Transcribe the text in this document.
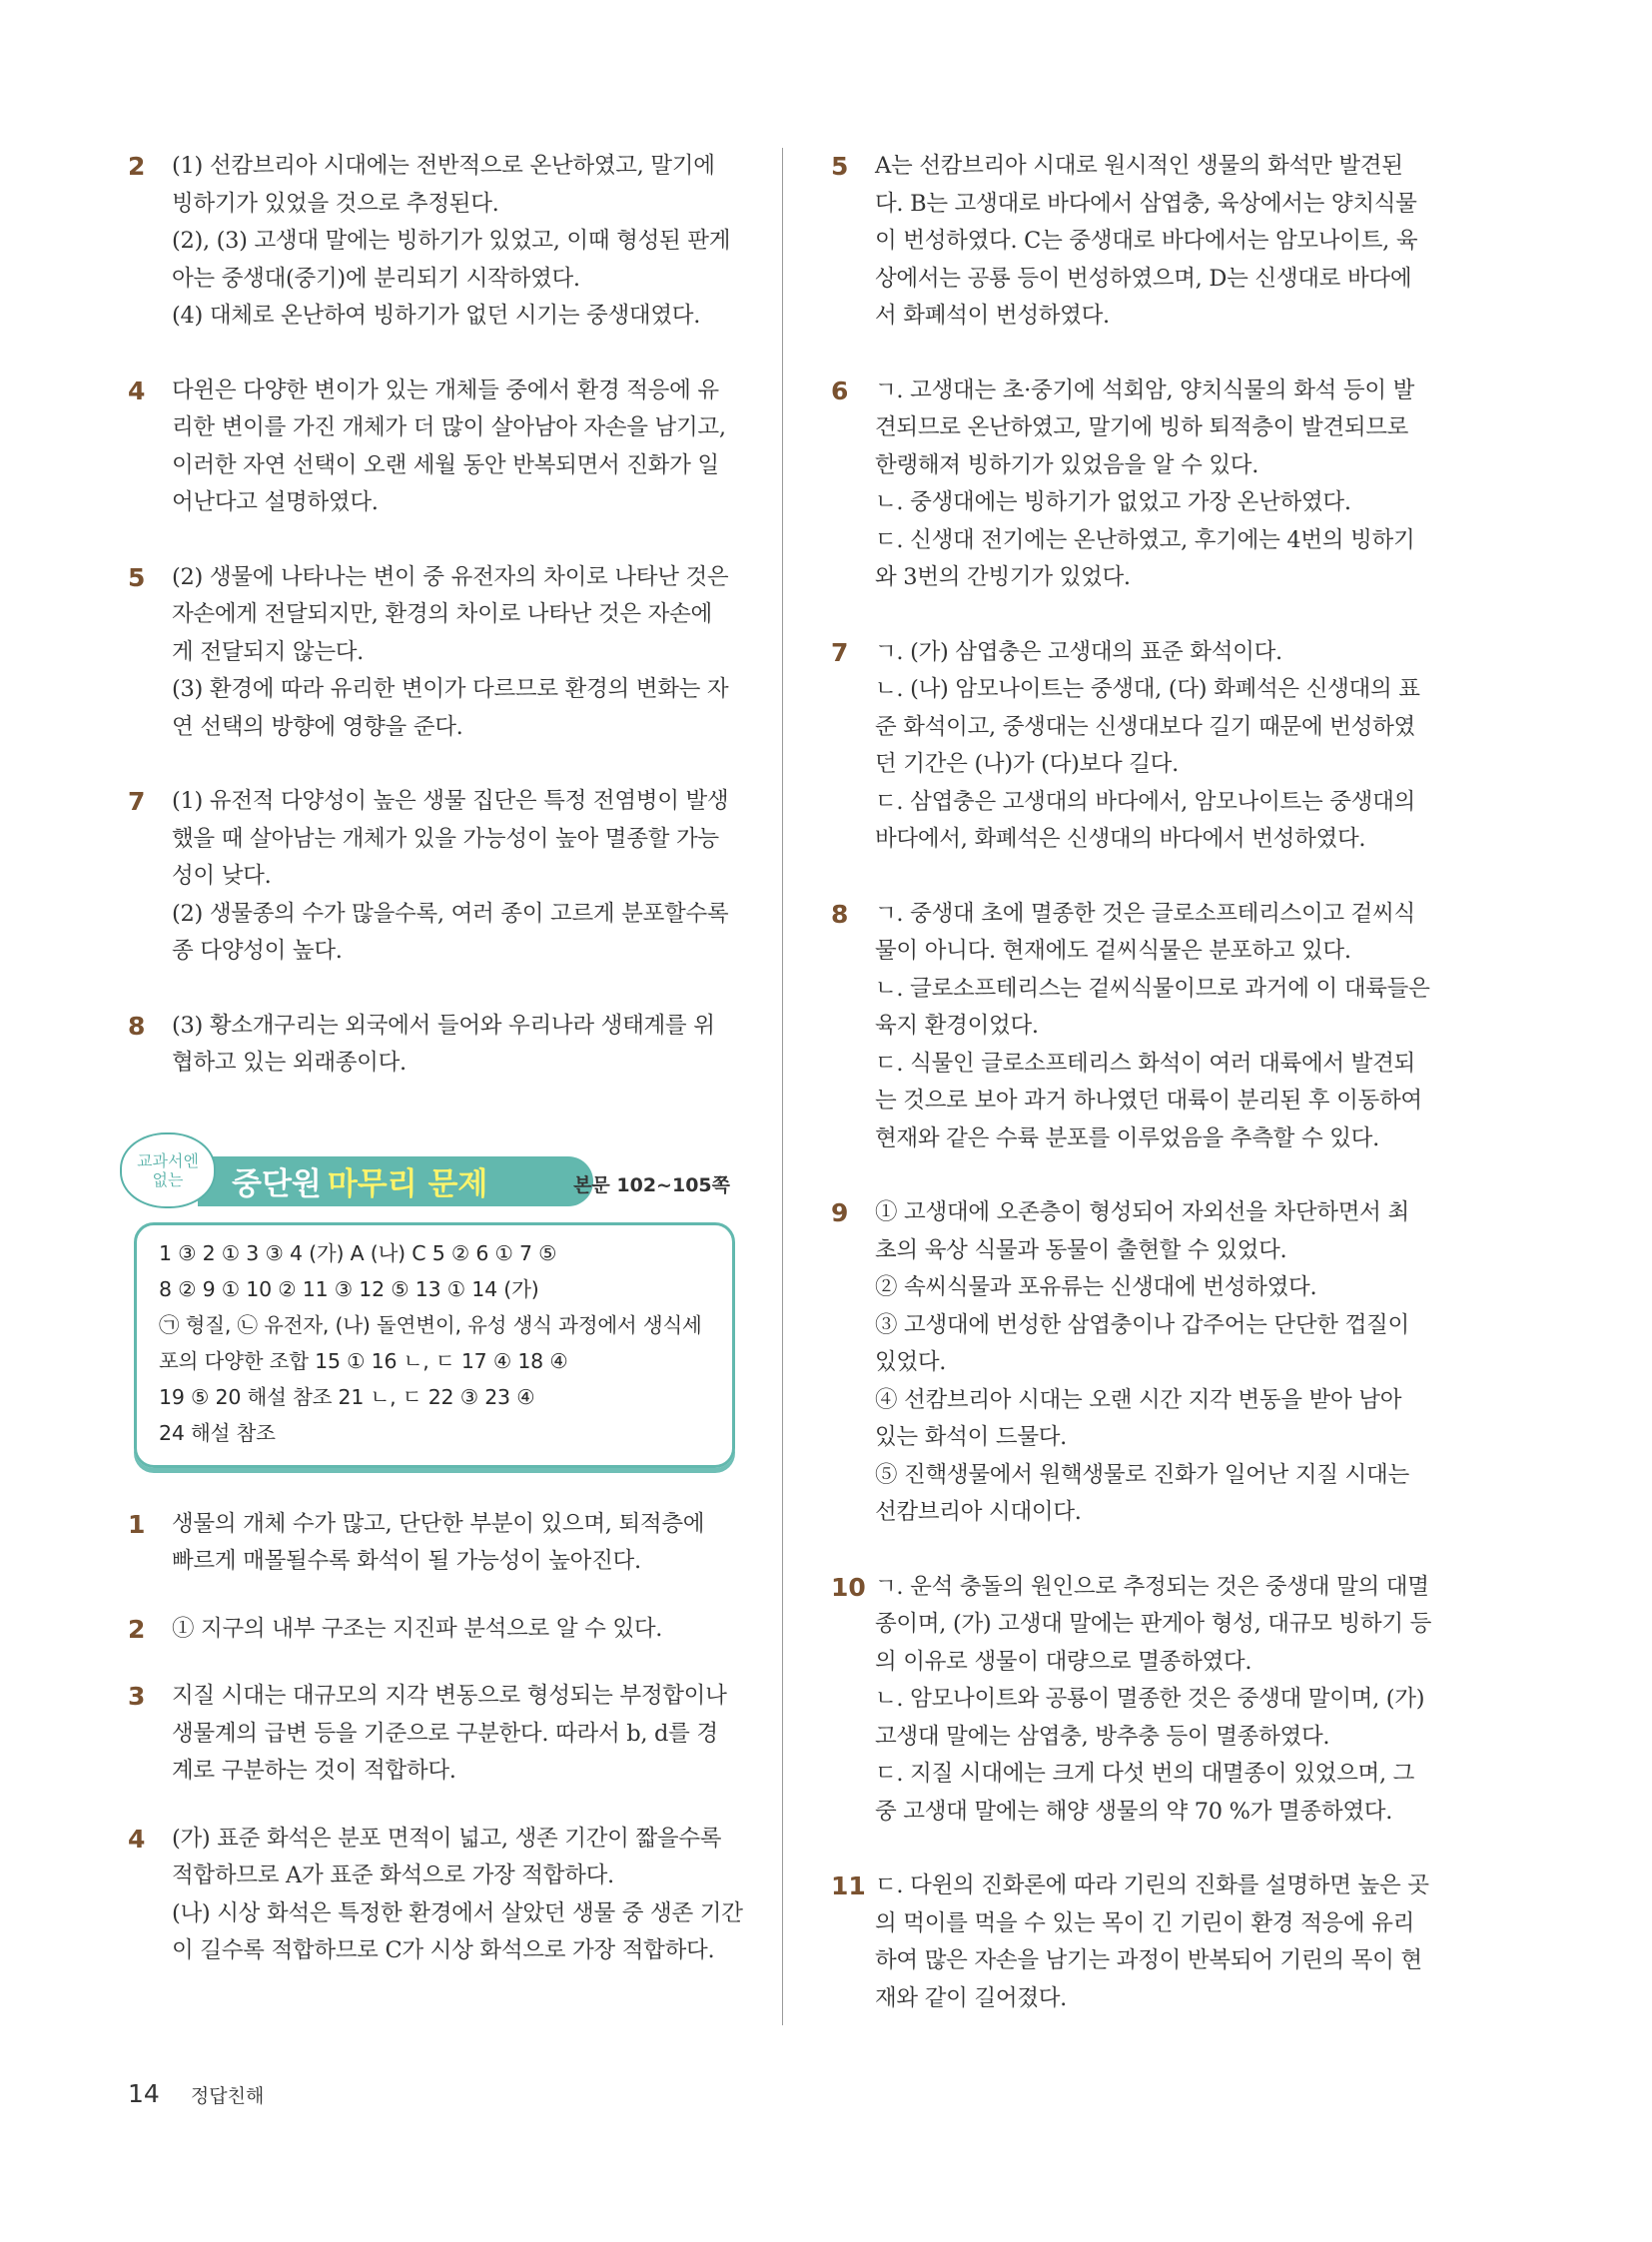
2 (1) 선캄브리아 시대에는 전반적으로 온난하였고, 말기에
빙하기가 있었을 것으로 추정된다.
(2), (3) 고생대 말에는 빙하기가 있었고, 이때 형성된 판게
아는 중생대(중기)에 분리되기 시작하였다.
(4) 대체로 온난하여 빙하기가 없던 시기는 중생대였다.
4 다윈은 다양한 변이가 있는 개체들 중에서 환경 적응에 유
리한 변이를 가진 개체가 더 많이 살아남아 자손을 남기고,
이러한 자연 선택이 오랜 세월 동안 반복되면서 진화가 일
어난다고 설명하였다.
5 (2) 생물에 나타나는 변이 중 유전자의 차이로 나타난 것은
자손에게 전달되지만, 환경의 차이로 나타난 것은 자손에
게 전달되지 않는다.
(3) 환경에 따라 유리한 변이가 다르므로 환경의 변화는 자
연 선택의 방향에 영향을 준다.
7 (1) 유전적 다양성이 높은 생물 집단은 특정 전염병이 발생
했을 때 살아남는 개체가 있을 가능성이 높아 멸종할 가능
성이 낮다.
(2) 생물종의 수가 많을수록, 여러 종이 고르게 분포할수록
종 다양성이 높다.
8 (3) 황소개구리는 외국에서 들어와 우리나라 생태계를 위
협하고 있는 외래종이다.
교과서엔
없는	중단원 마무리 문제	본문 102~105쪽
1 ③ 2 ① 3 ③ 4 (가) A (나) C 5 ② 6 ① 7 ⑤
8 ② 9 ① 10 ② 11 ③ 12 ⑤ 13 ① 14 (가)
㉠ 형질, ㉡ 유전자, (나) 돌연변이, 유성 생식 과정에서 생식세
포의 다양한 조합 15 ① 16 ㄴ, ㄷ 17 ④ 18 ④
19 ⑤ 20 해설 참조 21 ㄴ, ㄷ 22 ③ 23 ④
24 해설 참조
1 생물의 개체 수가 많고, 단단한 부분이 있으며, 퇴적층에
빠르게 매몰될수록 화석이 될 가능성이 높아진다.
2 ① 지구의 내부 구조는 지진파 분석으로 알 수 있다.
3 지질 시대는 대규모의 지각 변동으로 형성되는 부정합이나
생물계의 급변 등을 기준으로 구분한다. 따라서 b, d를 경
계로 구분하는 것이 적합하다.
4 (가) 표준 화석은 분포 면적이 넓고, 생존 기간이 짧을수록
적합하므로 A가 표준 화석으로 가장 적합하다.
(나) 시상 화석은 특정한 환경에서 살았던 생물 중 생존 기간
이 길수록 적합하므로 C가 시상 화석으로 가장 적합하다.
5 A는 선캄브리아 시대로 원시적인 생물의 화석만 발견된
다. B는 고생대로 바다에서 삼엽충, 육상에서는 양치식물
이 번성하였다. C는 중생대로 바다에서는 암모나이트, 육
상에서는 공룡 등이 번성하였으며, D는 신생대로 바다에
서 화폐석이 번성하였다.
6 ㄱ. 고생대는 초·중기에 석회암, 양치식물의 화석 등이 발
견되므로 온난하였고, 말기에 빙하 퇴적층이 발견되므로
한랭해져 빙하기가 있었음을 알 수 있다.
ㄴ. 중생대에는 빙하기가 없었고 가장 온난하였다.
ㄷ. 신생대 전기에는 온난하였고, 후기에는 4번의 빙하기
와 3번의 간빙기가 있었다.
7 ㄱ. (가) 삼엽충은 고생대의 표준 화석이다.
ㄴ. (나) 암모나이트는 중생대, (다) 화폐석은 신생대의 표
준 화석이고, 중생대는 신생대보다 길기 때문에 번성하였
던 기간은 (나)가 (다)보다 길다.
ㄷ. 삼엽충은 고생대의 바다에서, 암모나이트는 중생대의
바다에서, 화폐석은 신생대의 바다에서 번성하였다.
8 ㄱ. 중생대 초에 멸종한 것은 글로소프테리스이고 겉씨식
물이 아니다. 현재에도 겉씨식물은 분포하고 있다.
ㄴ. 글로소프테리스는 겉씨식물이므로 과거에 이 대륙들은
육지 환경이었다.
ㄷ. 식물인 글로소프테리스 화석이 여러 대륙에서 발견되
는 것으로 보아 과거 하나였던 대륙이 분리된 후 이동하여
현재와 같은 수륙 분포를 이루었음을 추측할 수 있다.
9 ① 고생대에 오존층이 형성되어 자외선을 차단하면서 최
초의 육상 식물과 동물이 출현할 수 있었다.
② 속씨식물과 포유류는 신생대에 번성하였다.
③ 고생대에 번성한 삼엽충이나 갑주어는 단단한 껍질이
있었다.
④ 선캄브리아 시대는 오랜 시간 지각 변동을 받아 남아
있는 화석이 드물다.
⑤ 진핵생물에서 원핵생물로 진화가 일어난 지질 시대는
선캄브리아 시대이다.
10 ㄱ. 운석 충돌의 원인으로 추정되는 것은 중생대 말의 대멸
종이며, (가) 고생대 말에는 판게아 형성, 대규모 빙하기 등
의 이유로 생물이 대량으로 멸종하였다.
ㄴ. 암모나이트와 공룡이 멸종한 것은 중생대 말이며, (가)
고생대 말에는 삼엽충, 방추충 등이 멸종하였다.
ㄷ. 지질 시대에는 크게 다섯 번의 대멸종이 있었으며, 그
중 고생대 말에는 해양 생물의 약 70 %가 멸종하였다.
11 ㄷ. 다윈의 진화론에 따라 기린의 진화를 설명하면 높은 곳
의 먹이를 먹을 수 있는 목이 긴 기린이 환경 적응에 유리
하여 많은 자손을 남기는 과정이 반복되어 기린의 목이 현
재와 같이 길어졌다.
14 정답친해
